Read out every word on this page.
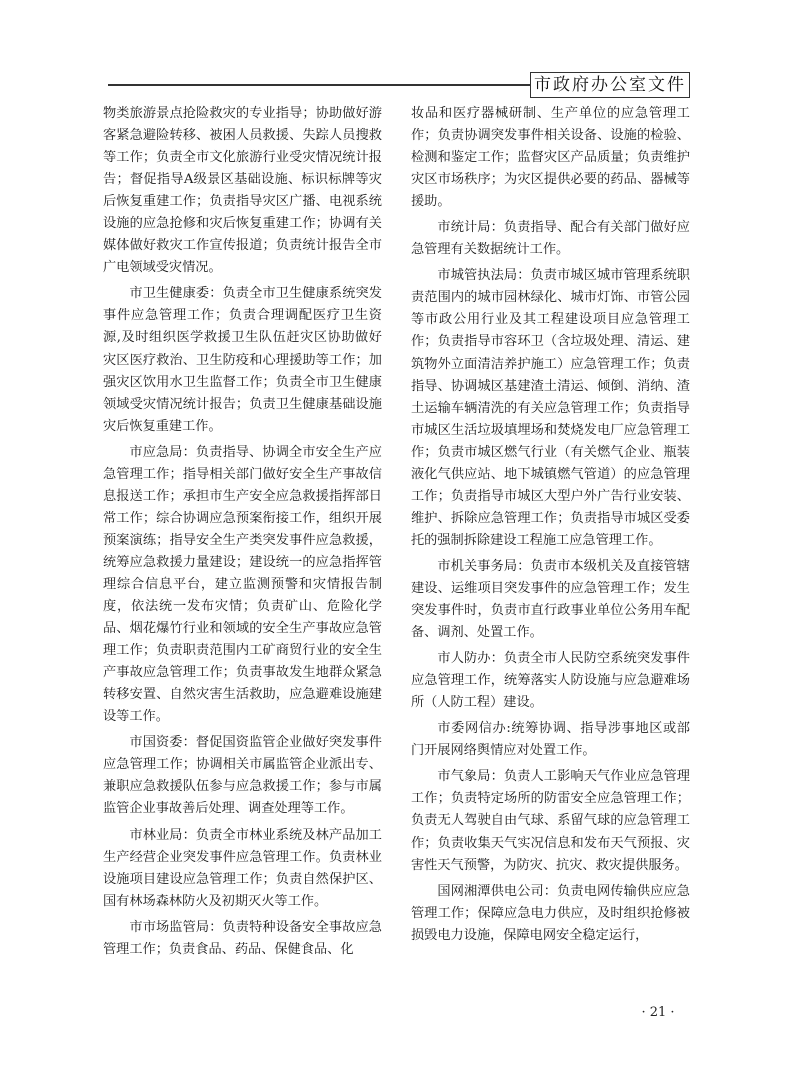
市政府办公室文件

物类旅游景点抢险救灾的专业指导；协助做好游客紧急避险转移、被困人员救援、失踪人员搜救等工作；负责全市文化旅游行业受灾情况统计报告；督促指导A级景区基础设施、标识标牌等灾后恢复重建工作；负责指导灾区广播、电视系统设施的应急抢修和灾后恢复重建工作；协调有关媒体做好救灾工作宣传报道；负责统计报告全市广电领域受灾情况。

市卫生健康委：负责全市卫生健康系统突发事件应急管理工作；负责合理调配医疗卫生资源,及时组织医学救援卫生队伍赶灾区协助做好灾区医疗救治、卫生防疫和心理援助等工作；加强灾区饮用水卫生监督工作；负责全市卫生健康领域受灾情况统计报告；负责卫生健康基础设施灾后恢复重建工作。

市应急局：负责指导、协调全市安全生产应急管理工作；指导相关部门做好安全生产事故信息报送工作；承担市生产安全应急救援指挥部日常工作；综合协调应急预案衔接工作，组织开展预案演练；指导安全生产类突发事件应急救援，统筹应急救援力量建设；建设统一的应急指挥管理综合信息平台，建立监测预警和灾情报告制度，依法统一发布灾情；负责矿山、危险化学品、烟花爆竹行业和领域的安全生产事故应急管理工作；负责职责范围内工矿商贸行业的安全生产事故应急管理工作；负责事故发生地群众紧急转移安置、自然灾害生活救助，应急避难设施建设等工作。

市国资委：督促国资监管企业做好突发事件应急管理工作；协调相关市属监管企业派出专、兼职应急救援队伍参与应急救援工作；参与市属监管企业事故善后处理、调查处理等工作。

市林业局：负责全市林业系统及林产品加工生产经营企业突发事件应急管理工作。负责林业设施项目建设应急管理工作；负责自然保护区、国有林场森林防火及初期灭火等工作。

市市场监管局：负责特种设备安全事故应急管理工作；负责食品、药品、保健食品、化

妆品和医疗器械研制、生产单位的应急管理工作；负责协调突发事件相关设备、设施的检验、检测和鉴定工作；监督灾区产品质量；负责维护灾区市场秩序；为灾区提供必要的药品、器械等援助。

市统计局：负责指导、配合有关部门做好应急管理有关数据统计工作。

市城管执法局：负责市城区城市管理系统职责范围内的城市园林绿化、城市灯饰、市管公园等市政公用行业及其工程建设项目应急管理工作；负责指导市容环卫（含垃圾处理、清运、建筑物外立面清洁养护施工）应急管理工作；负责指导、协调城区基建渣土清运、倾倒、消纳、渣土运输车辆清洗的有关应急管理工作；负责指导市城区生活垃圾填埋场和焚烧发电厂应急管理工作；负责市城区燃气行业（有关燃气企业、瓶装液化气供应站、地下城镇燃气管道）的应急管理工作；负责指导市城区大型户外广告行业安装、维护、拆除应急管理工作；负责指导市城区受委托的强制拆除建设工程施工应急管理工作。

市机关事务局：负责市本级机关及直接管辖建设、运维项目突发事件的应急管理工作；发生突发事件时，负责市直行政事业单位公务用车配备、调剂、处置工作。

市人防办：负责全市人民防空系统突发事件应急管理工作，统筹落实人防设施与应急避难场所（人防工程）建设。

市委网信办:统筹协调、指导涉事地区或部门开展网络舆情应对处置工作。

市气象局：负责人工影响天气作业应急管理工作；负责特定场所的防雷安全应急管理工作；负责无人驾驶自由气球、系留气球的应急管理工作；负责收集天气实况信息和发布天气预报、灾害性天气预警，为防灾、抗灾、救灾提供服务。

国网湘潭供电公司：负责电网传输供应应急管理工作；保障应急电力供应，及时组织抢修被损毁电力设施，保障电网安全稳定运行，

· 21 ·
